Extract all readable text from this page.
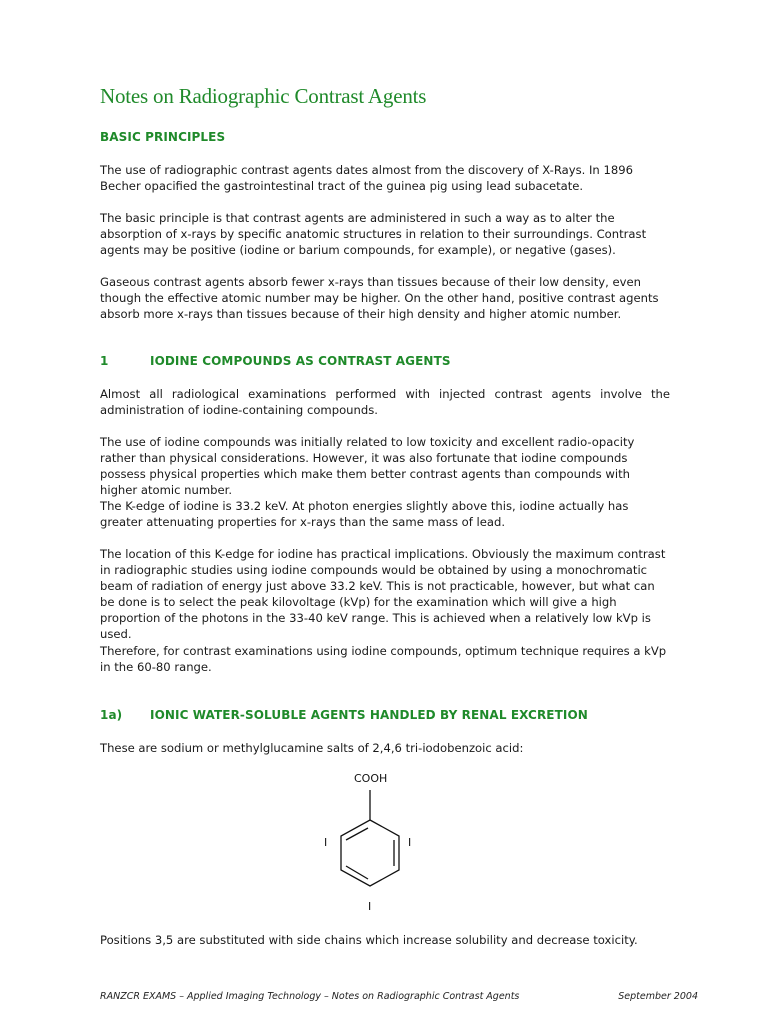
Notes on Radiographic Contrast Agents
BASIC PRINCIPLES
The use of radiographic contrast agents dates almost from the discovery of X-Rays. In 1896 Becher opacified the gastrointestinal tract of the guinea pig using lead subacetate.
The basic principle is that contrast agents are administered in such a way as to alter the absorption of x-rays by specific anatomic structures in relation to their surroundings. Contrast agents may be positive (iodine or barium compounds, for example), or negative (gases).
Gaseous contrast agents absorb fewer x-rays than tissues because of their low density, even though the effective atomic number may be higher. On the other hand, positive contrast agents absorb more x-rays than tissues because of their high density and higher atomic number.
1	IODINE COMPOUNDS AS CONTRAST AGENTS
Almost all radiological examinations performed with injected contrast agents involve the administration of iodine-containing compounds.
The use of iodine compounds was initially related to low toxicity and excellent radio-opacity rather than physical considerations. However, it was also fortunate that iodine compounds possess physical properties which make them better contrast agents than compounds with higher atomic number.
The K-edge of iodine is 33.2 keV. At photon energies slightly above this, iodine actually has greater attenuating properties for x-rays than the same mass of lead.
The location of this K-edge for iodine has practical implications. Obviously the maximum contrast in radiographic studies using iodine compounds would be obtained by using a monochromatic beam of radiation of energy just above 33.2 keV. This is not practicable, however, but what can be done is to select the peak kilovoltage (kVp) for the examination which will give a high proportion of the photons in the 33-40 keV range. This is achieved when a relatively low kVp is used.
Therefore, for contrast examinations using iodine compounds, optimum technique requires a kVp in the 60-80 range.
1a) IONIC WATER-SOLUBLE AGENTS HANDLED BY RENAL EXCRETION
These are sodium or methylglucamine salts of 2,4,6 tri-iodobenzoic acid:
COOH
I	I
I
Positions 3,5 are substituted with side chains which increase solubility and decrease toxicity.
RANZCR EXAMS – Applied Imaging Technology – Notes on Radiographic Contrast Agents	September 2004
